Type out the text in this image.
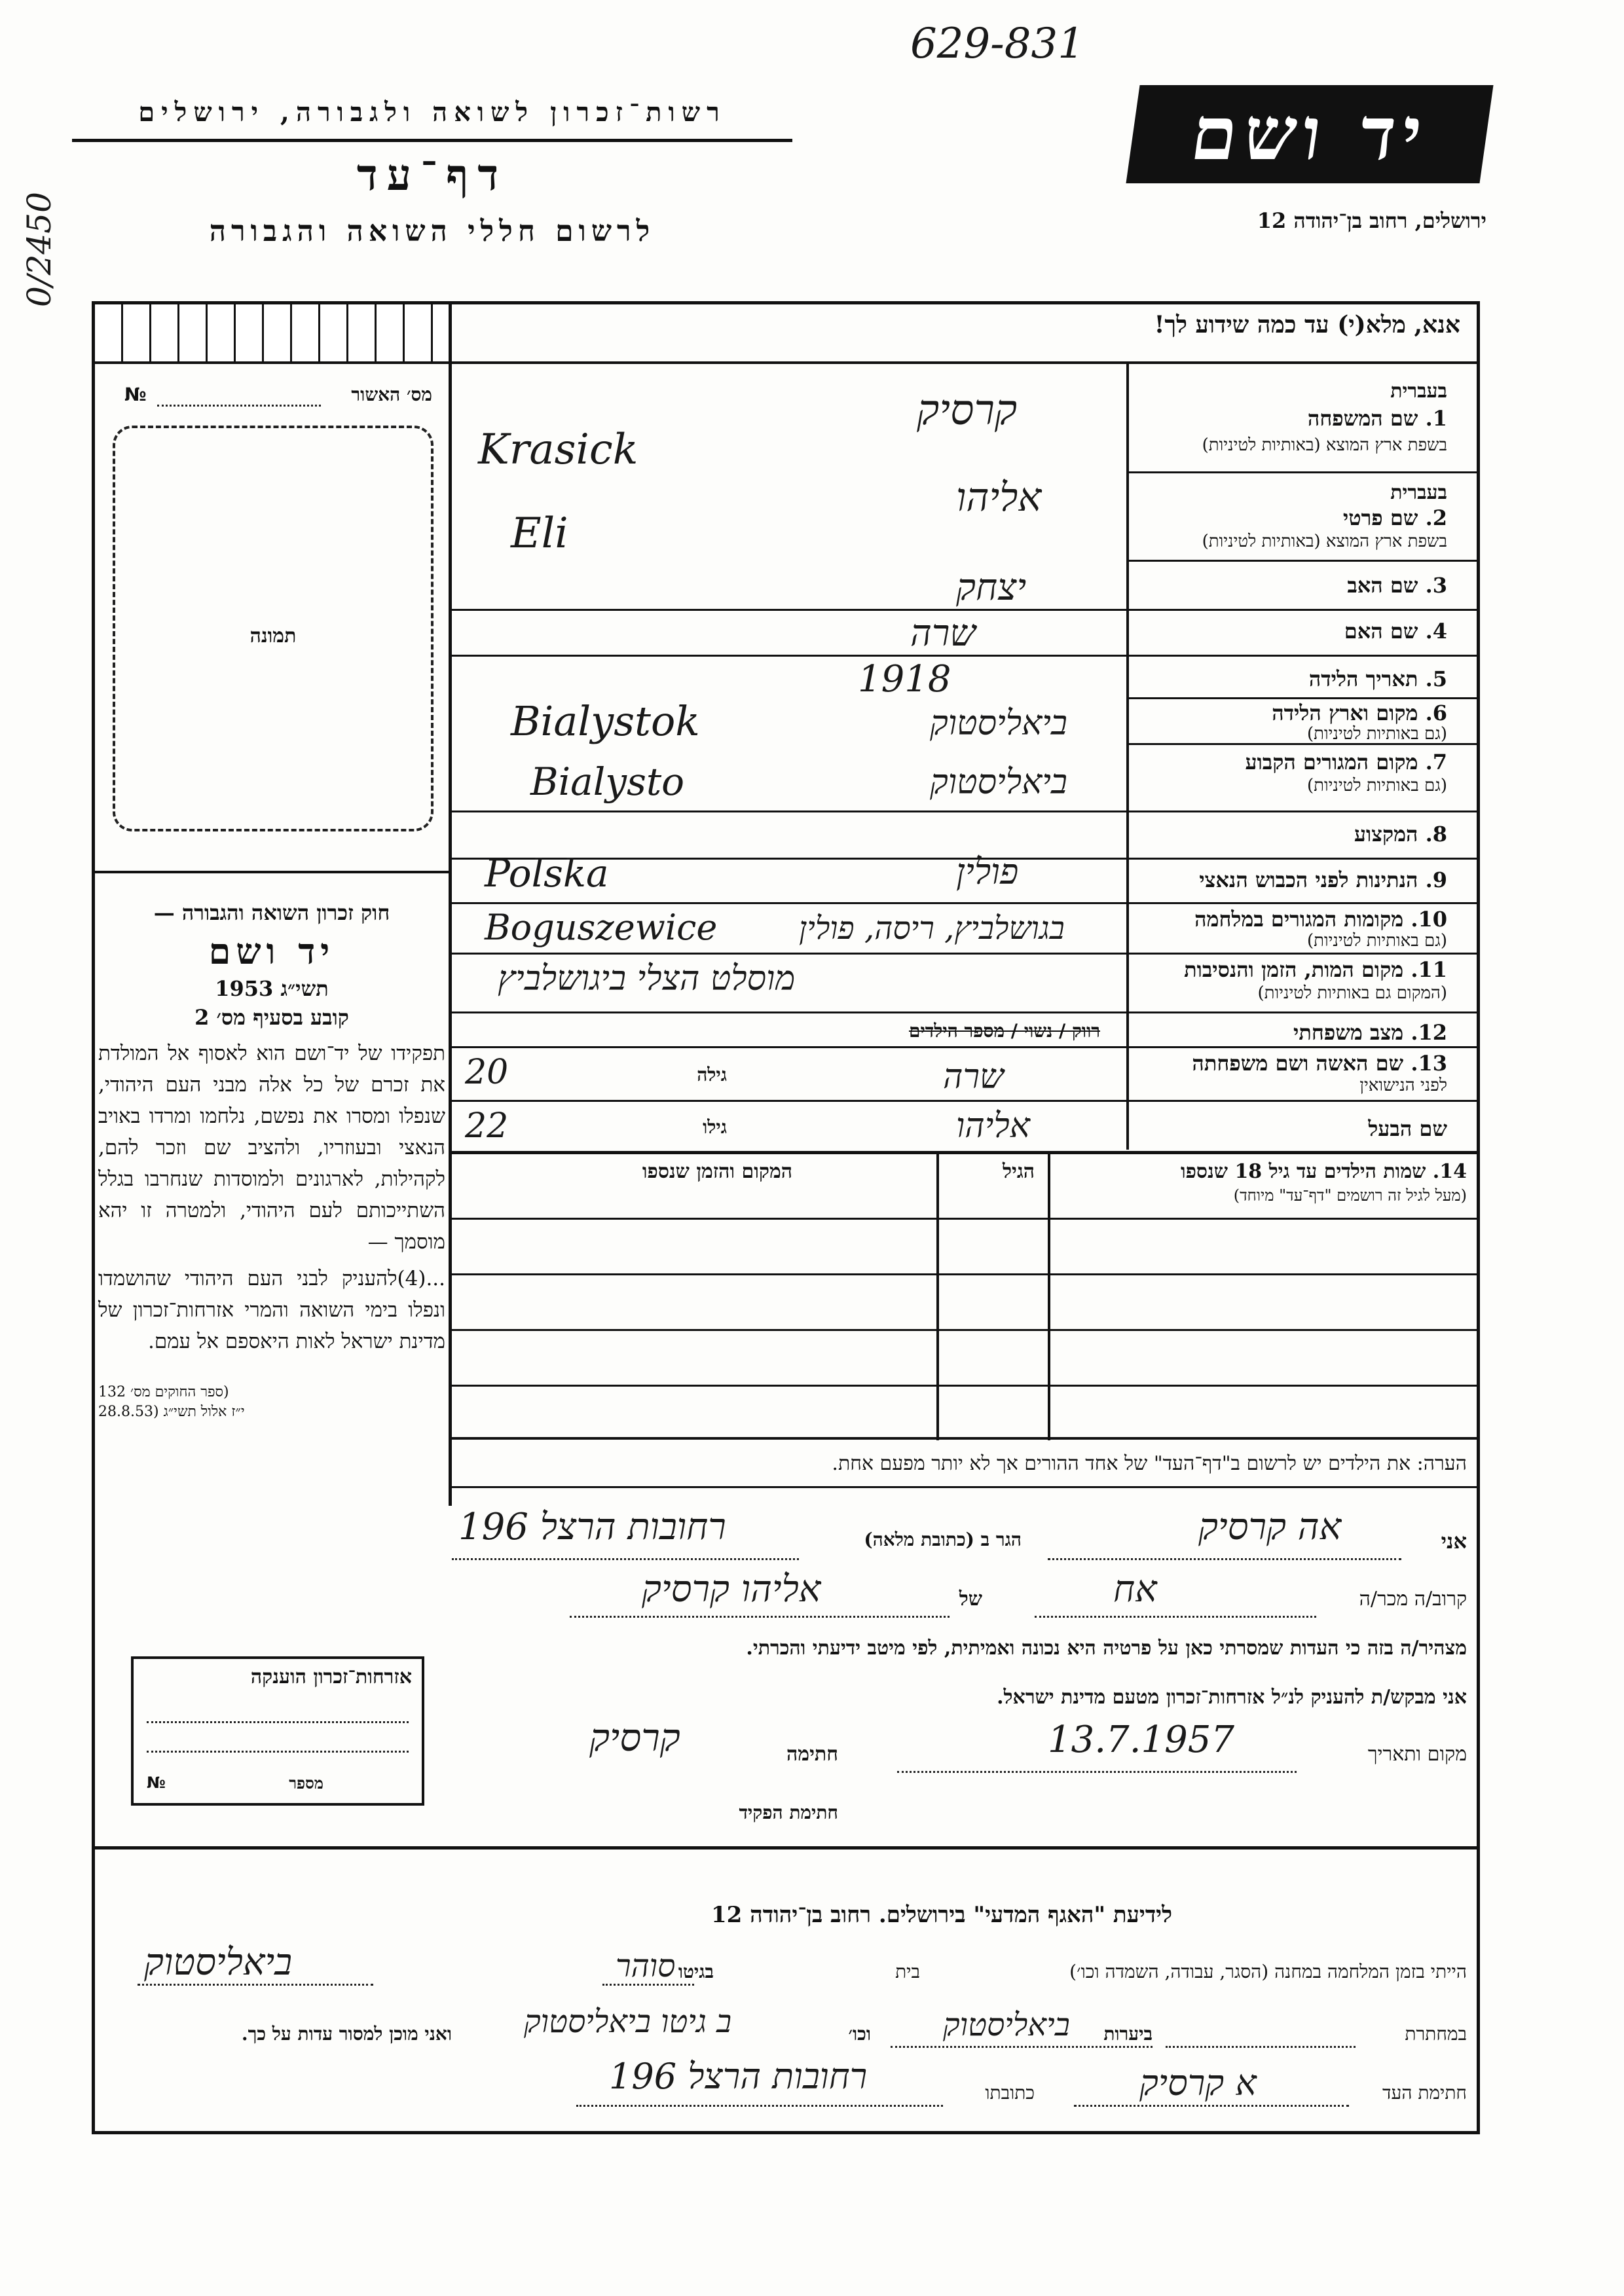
629-831
0/2450
רשות־זכרון לשואה ולגבורה, ירושלים
דף־עד
לרשום חללי השואה והגבורה
יד ושם
ירושלים, רחוב בן־יהודה 12
אנא, מלא(י) עד כמה שידוע לך!
מס׳ האשור
№
תמונה
חוק זכרון השואה והגבורה —
יד ושם
תשי״ג 1953
קובע בסעיף מס׳ 2
תפקידו של יד־ושם הוא לאסוף אל המולדת את זכרם של כל אלה מבני העם היהודי, שנפלו ומסרו את נפשם, נלחמו ומרדו באויב הנאצי ובעוזריו, ולהציב שם וזכר להם, לקהילות, לארגונים ולמוסדות שנחרבו בגלל השתייכותם לעם היהודי, ולמטרה זו יהא מוסמך —
...(4)להעניק לבני העם היהודי שהושמדו ונפלו בימי השואה והמרי אזרחות־זכרון של מדינת ישראל לאות היאספם אל עמם.
(ספר החוקים מס׳ 132
י״ז אלול תשי״ג (28.8.53
אזרחות־זכרון הוענקה
מספר
№
בעברית
1. שם המשפחה
בשפת ארץ המוצא (באותיות לטיניות)
בעברית
2. שם פרטי
בשפת ארץ המוצא (באותיות לטיניות)
3. שם האב
4. שם האם
5. תאריך הלידה
6. מקום וארץ הלידה
(גם באותיות לטיניות)
7. מקום המגורים הקבוע
(גם באותיות לטיניות)
8. המקצוע
9. הנתינות לפני הכבוש הנאצי
10. מקומות המגורים במלחמה
(גם באותיות לטיניות)
11. מקום המות, הזמן והנסיבות
(המקום גם באותיות לטיניות)
12. מצב משפחתי
13. שם האשה ושם משפחתה
לפני הנישואין
שם הבעל
קרסיק
Krasick
אליהו
Eli
יצחק
שרה
1918
ביאליסטוק
Bialystok
ביאליסטוק
Bialysto
פולין
Polska
בגושלביץ, ריסה, פולין
Boguszewice
מוסלט הצלי ביגושלביץ
רווק / נשוי / מספר הילדים
שרה
גילה
20
אליהו
גילו
22
14. שמות הילדים עד גיל 18 שנספו
(מעל לגיל זה רושמים "דף־עד" מיוחד)
הגיל
המקום והזמן שנספו
הערה: את הילדים יש לרשום ב"דף־העד" של אחד ההורים אך לא יותר מפעם אחת.
אני
אה קרסיק
הגר ב (כתובת מלאה)
רחובות הרצל 196
קרוב/ה מכר/ה
אח
של
אליהו קרסיק
מצהיר/ה בזה כי העדות שמסרתי כאן על פרטיה היא נכונה ואמיתית, לפי מיטב ידיעתי והכרתי.
אני מבקש/ת להעניק לנ״ל אזרחות־זכרון מטעם מדינת ישראל.
מקום ותאריך
13.7.1957
חתימה
קרסיק
חתימת הפקיד
לידיעת "האגף המדעי" בירושלים. רחוב בן־יהודה 12
הייתי בזמן המלחמה במחנה (הסגר, עבודה, השמדה וכו׳)
בית
סוהר בגיטו
ביאליסטוק
במחתרת
ביערות
ביאליסטוק
וכו׳
ב גיטו ביאליסטוק
ואני מוכן למסור עדות על כך.
חתימת העד
א קרסיק
כתובתו
רחובות הרצל 196
